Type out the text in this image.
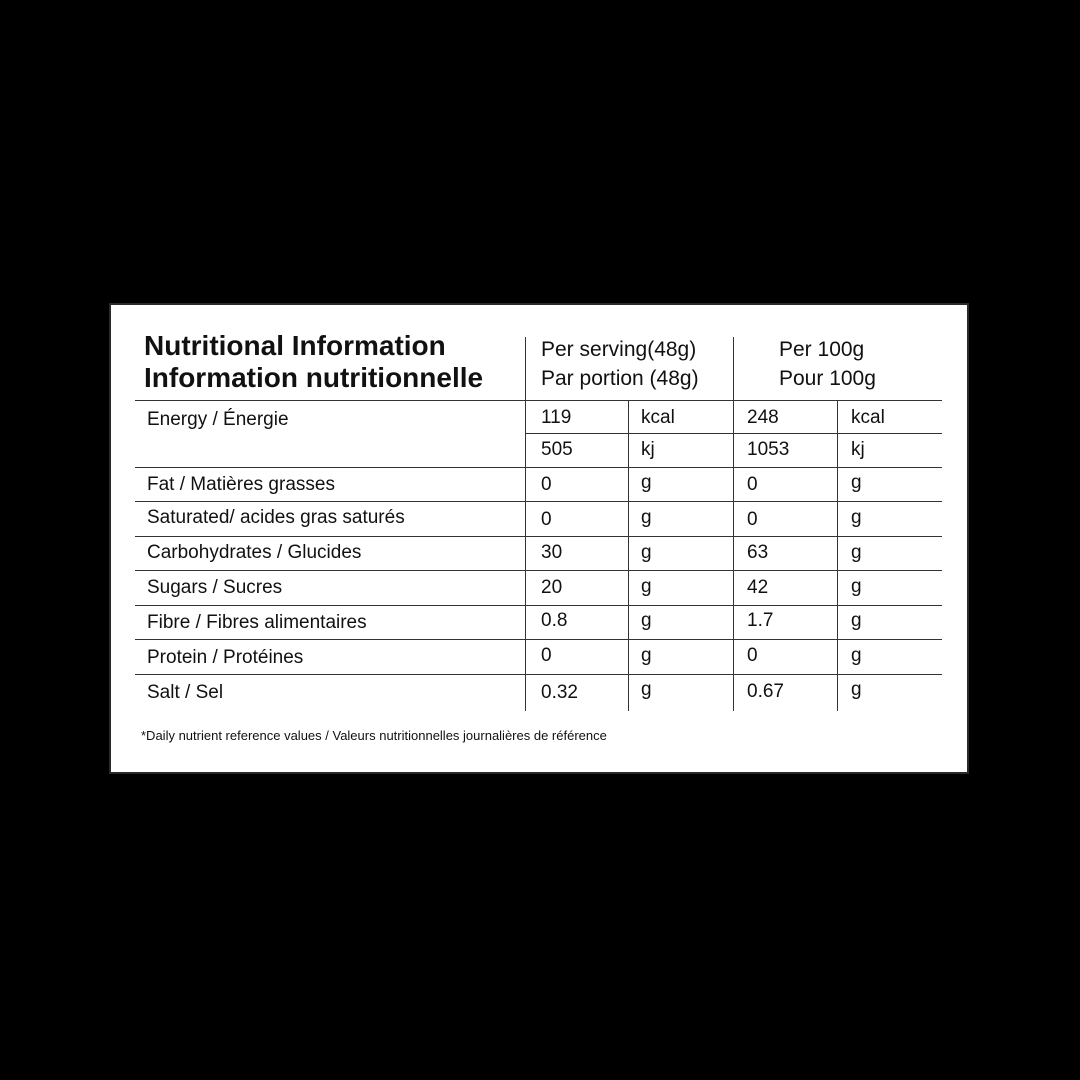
Nutritional Information
Information nutritionnelle
Per serving(48g)
Par portion (48g)
Per 100g
Pour 100g
Energy / Énergie	119	kcal	248	kcal
505	kj	1053	kj
Fat / Matières grasses	0	g	0	g
Saturated/ acides gras saturés	0	g	0	g
Carbohydrates / Glucides	30	g	63	g
Sugars / Sucres	20	g	42	g
Fibre / Fibres alimentaires	0.8	g	1.7	g
Protein / Protéines	0	g	0	g
Salt / Sel	0.32	g	0.67	g
*Daily nutrient reference values / Valeurs nutritionnelles journalières de référence
